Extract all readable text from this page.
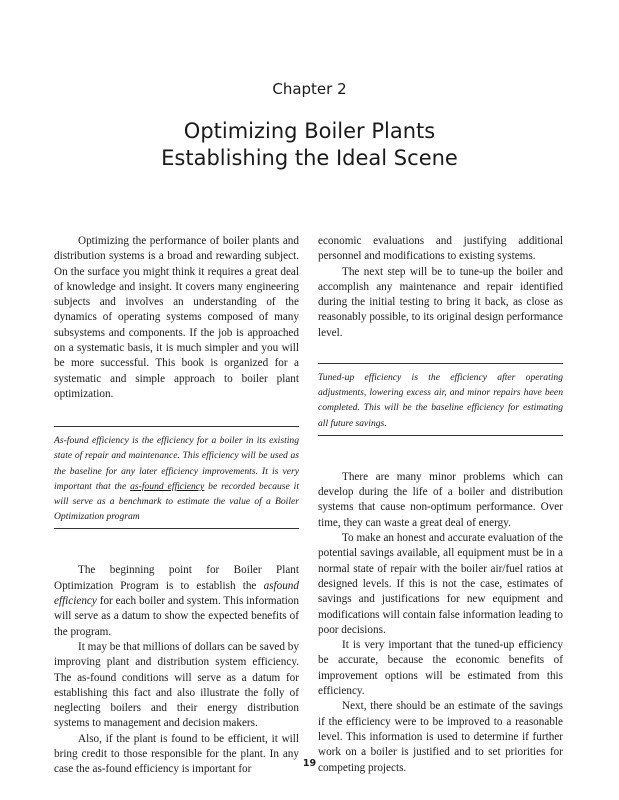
Chapter 2
Optimizing Boiler Plants
Establishing the Ideal Scene

Optimizing the performance of boiler plants and distribution systems is a broad and rewarding subject. On the surface you might think it requires a great deal of knowledge and insight. It covers many engineering subjects and involves an understanding of the dynamics of operating systems composed of many subsystems and components. If the job is approached on a systematic basis, it is much simpler and you will be more successful. This book is organized for a systematic and simple approach to boiler plant optimization.

As-found efficiency is the efficiency for a boiler in its existing state of repair and maintenance. This efficiency will be used as the baseline for any later efficiency improvements. It is very important that the as-found efficiency be recorded because it will serve as a benchmark to estimate the value of a Boiler Optimization program

The beginning point for Boiler Plant Optimization Program is to establish the asfound efficiency for each boiler and system. This information will serve as a datum to show the expected benefits of the program.

It may be that millions of dollars can be saved by improving plant and distribution system efficiency. The as-found conditions will serve as a datum for establishing this fact and also illustrate the folly of neglecting boilers and their energy distribution systems to management and decision makers.

Also, if the plant is found to be efficient, it will bring credit to those responsible for the plant. In any case the as-found efficiency is important for

economic evaluations and justifying additional personnel and modifications to existing systems.

The next step will be to tune-up the boiler and accomplish any maintenance and repair identified during the initial testing to bring it back, as close as reasonably possible, to its original design performance level.

Tuned-up efficiency is the efficiency after operating adjustments, lowering excess air, and minor repairs have been completed. This will be the baseline efficiency for estimating all future savings.

There are many minor problems which can develop during the life of a boiler and distribution systems that cause non-optimum performance. Over time, they can waste a great deal of energy.

To make an honest and accurate evaluation of the potential savings available, all equipment must be in a normal state of repair with the boiler air/fuel ratios at designed levels. If this is not the case, estimates of savings and justifications for new equipment and modifications will contain false information leading to poor decisions.

It is very important that the tuned-up efficiency be accurate, because the economic benefits of improvement options will be estimated from this efficiency.

Next, there should be an estimate of the savings if the efficiency were to be improved to a reasonable level. This information is used to determine if further work on a boiler is justified and to set priorities for competing projects.

19
